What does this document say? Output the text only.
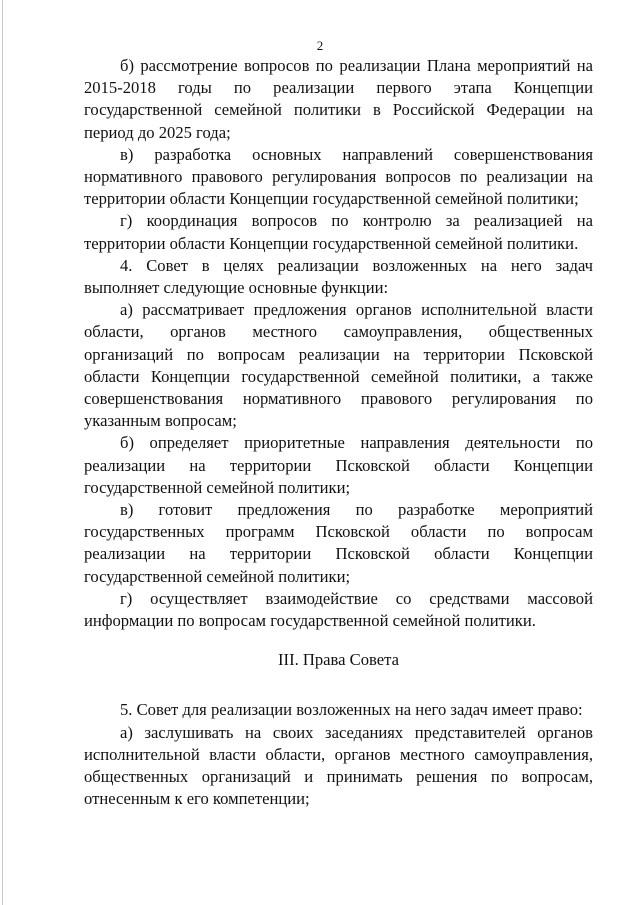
2

б) рассмотрение вопросов по реализации Плана мероприятий на 2015-2018 годы по реализации первого этапа Концепции государственной семейной политики в Российской Федерации на период до 2025 года;

в) разработка основных направлений совершенствования нормативного правового регулирования вопросов по реализации на территории области Концепции государственной семейной политики;

г) координация вопросов по контролю за реализацией на территории области Концепции государственной семейной политики.

4. Совет в целях реализации возложенных на него задач выполняет следующие основные функции:

а) рассматривает предложения органов исполнительной власти области, органов местного самоуправления, общественных организаций по вопросам реализации на территории Псковской области Концепции государственной семейной политики, а также совершенствования нормативного правового регулирования по указанным вопросам;

б) определяет приоритетные направления деятельности по реализации на территории Псковской области Концепции государственной семейной политики;

в) готовит предложения по разработке мероприятий государственных программ Псковской области по вопросам реализации на территории Псковской области Концепции государственной семейной политики;

г) осуществляет взаимодействие со средствами массовой информации по вопросам государственной семейной политики.

III. Права Совета

5. Совет для реализации возложенных на него задач имеет право:

а) заслушивать на своих заседаниях представителей органов исполнительной власти области, органов местного самоуправления, общественных организаций и принимать решения по вопросам, отнесенным к его компетенции;
